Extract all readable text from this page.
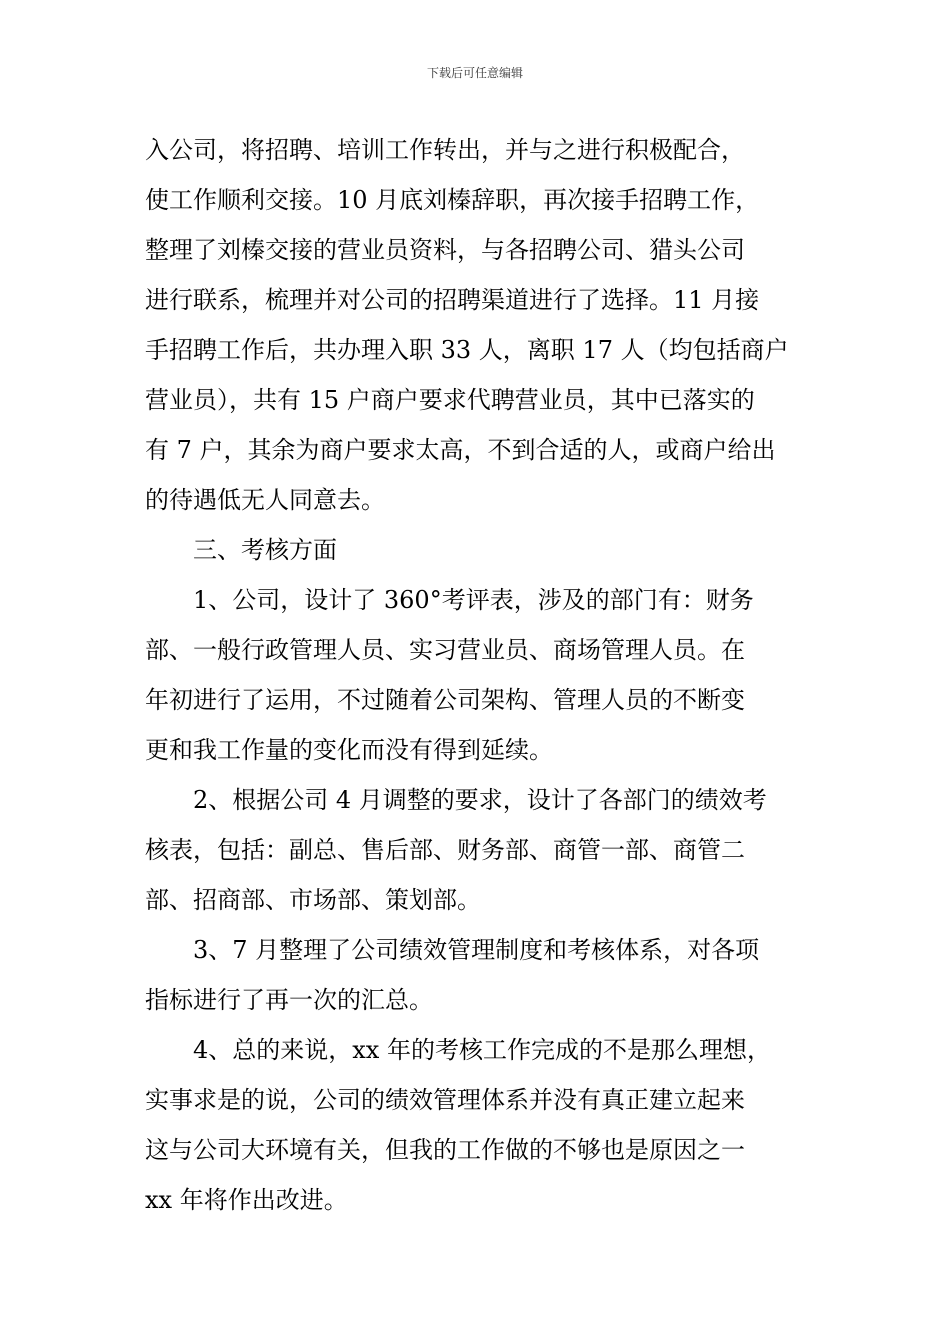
下载后可任意编辑
入公司，将招聘、培训工作转出，并与之进行积极配合，
使工作顺利交接。10 月底刘榛辞职，再次接手招聘工作，
整理了刘榛交接的营业员资料，与各招聘公司、猎头公司
进行联系，梳理并对公司的招聘渠道进行了选择。11 月接
手招聘工作后，共办理入职 33 人，离职 17 人（均包括商户
营业员），共有 15 户商户要求代聘营业员，其中已落实的
有 7 户，其余为商户要求太高，不到合适的人，或商户给出
的待遇低无人同意去。
三、考核方面
1、公司，设计了 360°考评表，涉及的部门有：财务
部、一般行政管理人员、实习营业员、商场管理人员。在
年初进行了运用，不过随着公司架构、管理人员的不断变
更和我工作量的变化而没有得到延续。
2、根据公司 4 月调整的要求，设计了各部门的绩效考
核表，包括：副总、售后部、财务部、商管一部、商管二
部、招商部、市场部、策划部。
3、7 月整理了公司绩效管理制度和考核体系，对各项
指标进行了再一次的汇总。
4、总的来说，xx 年的考核工作完成的不是那么理想，
实事求是的说，公司的绩效管理体系并没有真正建立起来
这与公司大环境有关，但我的工作做的不够也是原因之一
xx 年将作出改进。
